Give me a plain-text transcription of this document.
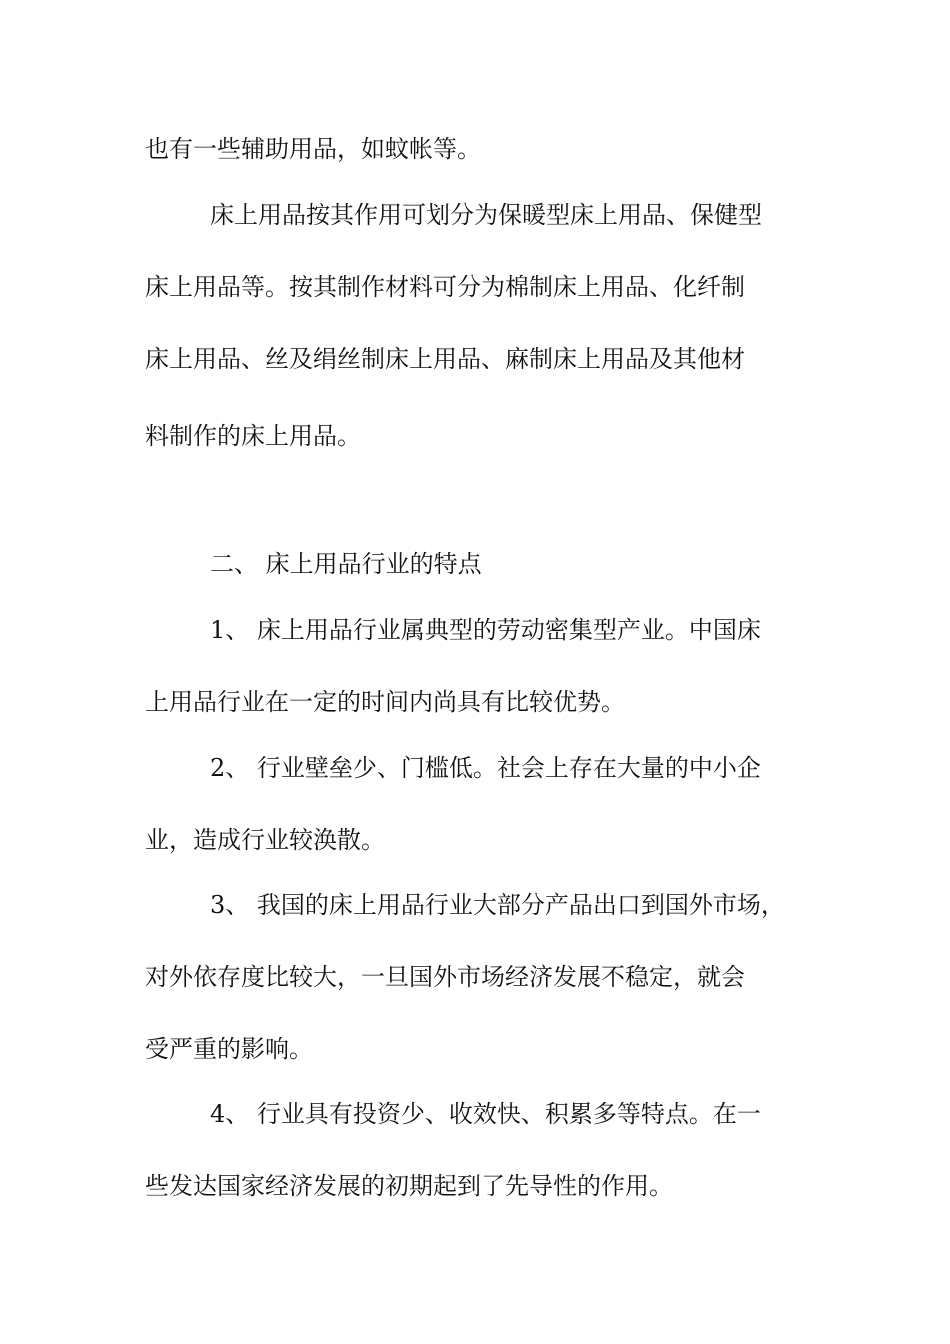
也有一些辅助用品，如蚊帐等。

床上用品按其作用可划分为保暖型床上用品、保健型

床上用品等。按其制作材料可分为棉制床上用品、化纤制

床上用品、丝及绢丝制床上用品、麻制床上用品及其他材

料制作的床上用品。

二、 床上用品行业的特点

1、 床上用品行业属典型的劳动密集型产业。中国床

上用品行业在一定的时间内尚具有比较优势。

2、 行业壁垒少、门槛低。社会上存在大量的中小企

业，造成行业较涣散。

3、 我国的床上用品行业大部分产品出口到国外市场，

对外依存度比较大，一旦国外市场经济发展不稳定，就会

受严重的影响。

4、 行业具有投资少、收效快、积累多等特点。在一

些发达国家经济发展的初期起到了先导性的作用。
